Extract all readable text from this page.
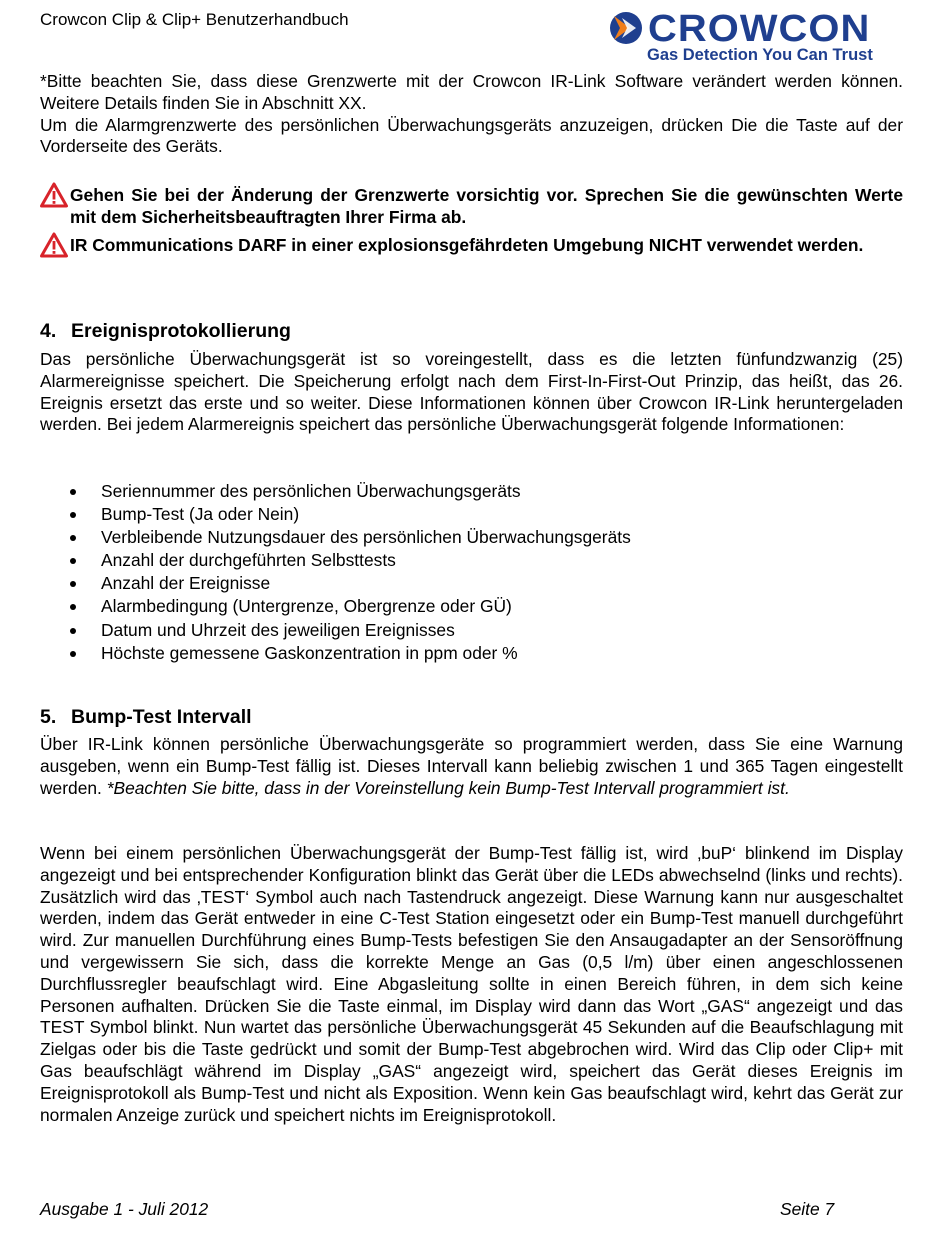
Crowcon Clip & Clip+ Benutzerhandbuch	CROWCON
Gas Detection You Can Trust

*Bitte beachten Sie, dass diese Grenzwerte mit der Crowcon IR-Link Software verändert werden können. Weitere Details finden Sie in Abschnitt XX.

Um die Alarmgrenzwerte des persönlichen Überwachungsgeräts anzuzeigen, drücken Die die Taste auf der Vorderseite des Geräts.

Gehen Sie bei der Änderung der Grenzwerte vorsichtig vor. Sprechen Sie die gewünschten Werte mit dem Sicherheitsbeauftragten Ihrer Firma ab.
IR Communications DARF in einer explosionsgefährdeten Umgebung NICHT verwendet werden.
4. Ereignisprotokollierung

Das persönliche Überwachungsgerät ist so voreingestellt, dass es die letzten fünfundzwanzig (25) Alarmereignisse speichert. Die Speicherung erfolgt nach dem First-In-First-Out Prinzip, das heißt, das 26. Ereignis ersetzt das erste und so weiter. Diese Informationen können über Crowcon IR-Link heruntergeladen werden. Bei jedem Alarmereignis speichert das persönliche Überwachungsgerät folgende Informationen:

Seriennummer des persönlichen Überwachungsgeräts
Bump-Test (Ja oder Nein)
Verbleibende Nutzungsdauer des persönlichen Überwachungsgeräts
Anzahl der durchgeführten Selbsttests
Anzahl der Ereignisse
Alarmbedingung (Untergrenze, Obergrenze oder GÜ)
Datum und Uhrzeit des jeweiligen Ereignisses
Höchste gemessene Gaskonzentration in ppm oder %
5. Bump-Test Intervall

Über IR-Link können persönliche Überwachungsgeräte so programmiert werden, dass Sie eine Warnung ausgeben, wenn ein Bump-Test fällig ist. Dieses Intervall kann beliebig zwischen 1 und 365 Tagen eingestellt werden. *Beachten Sie bitte, dass in der Voreinstellung kein Bump-Test Intervall programmiert ist.

Wenn bei einem persönlichen Überwachungsgerät der Bump-Test fällig ist, wird ‚buP‘ blinkend im Display angezeigt und bei entsprechender Konfiguration blinkt das Gerät über die LEDs abwechselnd (links und rechts). Zusätzlich wird das ‚TEST‘ Symbol auch nach Tastendruck angezeigt. Diese Warnung kann nur ausgeschaltet werden, indem das Gerät entweder in eine C-Test Station eingesetzt oder ein Bump-Test manuell durchgeführt wird. Zur manuellen Durchführung eines Bump-Tests befestigen Sie den Ansaugadapter an der Sensoröffnung und vergewissern Sie sich, dass die korrekte Menge an Gas (0,5 l/m) über einen angeschlossenen Durchflussregler beaufschlagt wird. Eine Abgasleitung sollte in einen Bereich führen, in dem sich keine Personen aufhalten. Drücken Sie die Taste einmal, im Display wird dann das Wort „GAS“ angezeigt und das TEST Symbol blinkt. Nun wartet das persönliche Überwachungsgerät 45 Sekunden auf die Beaufschlagung mit Zielgas oder bis die Taste gedrückt und somit der Bump-Test abgebrochen wird. Wird das Clip oder Clip+ mit Gas beaufschlägt während im Display „GAS“ angezeigt wird, speichert das Gerät dieses Ereignis im Ereignisprotokoll als Bump-Test und nicht als Exposition. Wenn kein Gas beaufschlagt wird, kehrt das Gerät zur normalen Anzeige zurück und speichert nichts im Ereignisprotokoll.

Ausgabe 1 - Juli 2012	Seite 7
